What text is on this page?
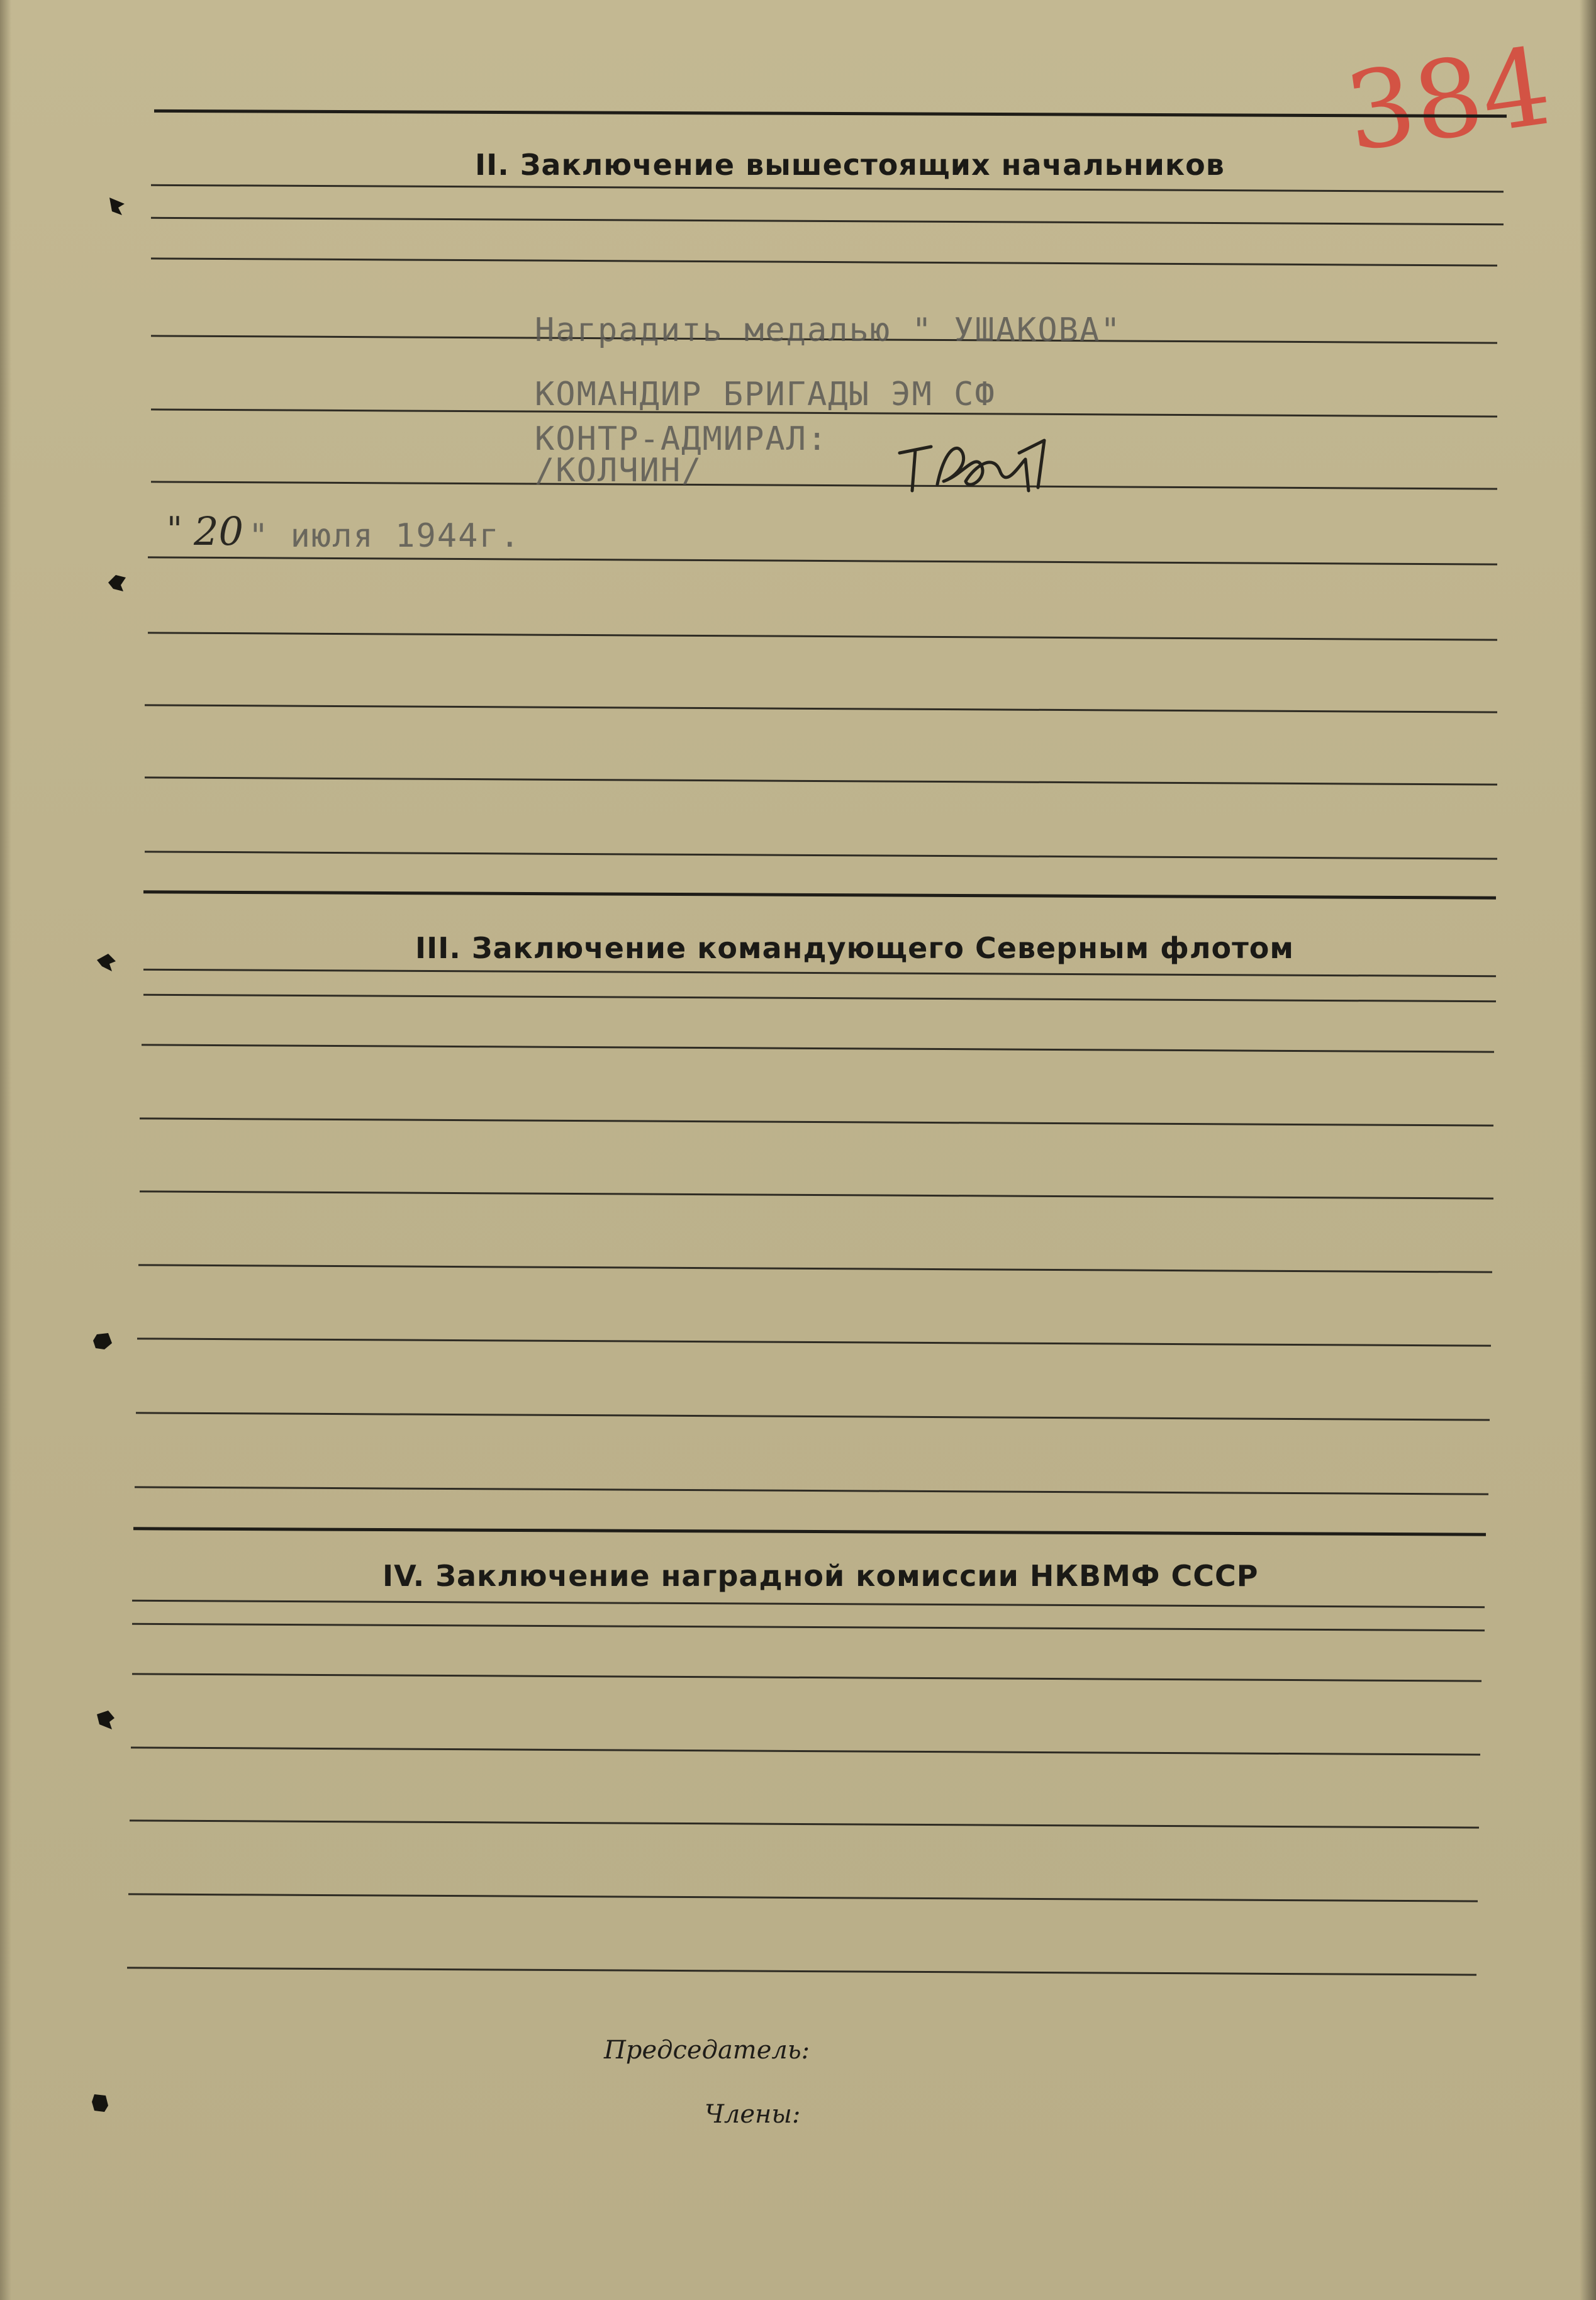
384
II. Заключение вышестоящих начальников
Наградить медалью " УШАКОВА"
КОМАНДИР БРИГАДЫ ЭМ СФ
КОНТР-АДМИРАЛ:
/КОЛЧИН/
" 20 " июля 1944г.
III. Заключение командующего Северным флотом
IV. Заключение наградной комиссии НКВМФ СССР
Председатель:
Члены:
